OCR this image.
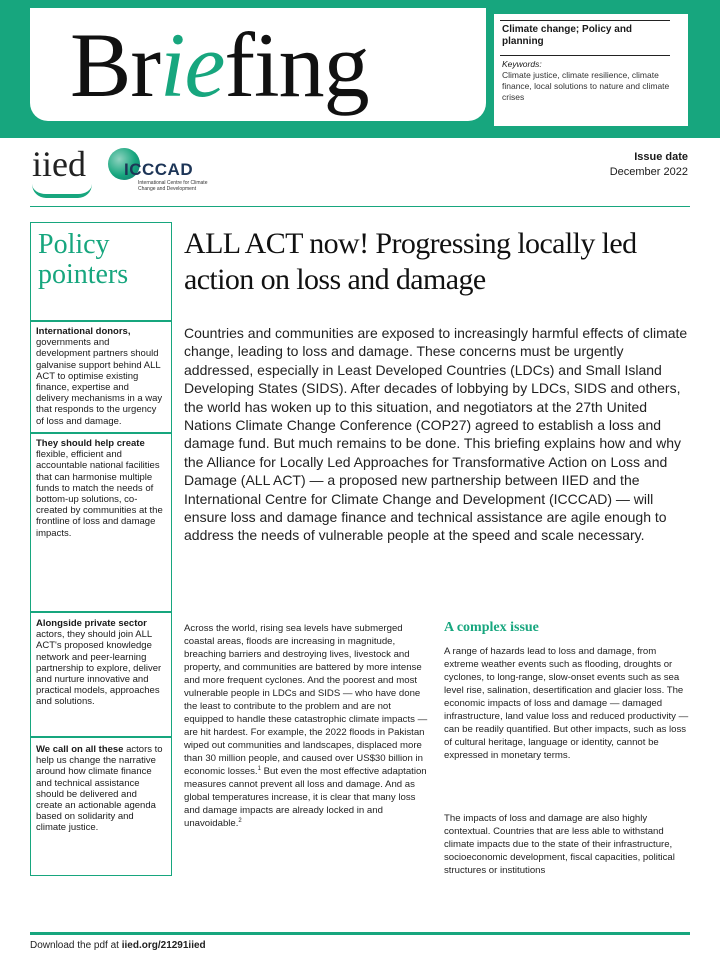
Briefing	Climate change; Policy and planning
Keywords:
Climate justice, climate resilience, climate finance, local solutions to nature and climate crises
iied ICCCAD
International Centre for Climate Change and Development
Issue date
December 2022
Policy pointers
International donors, governments and development partners should galvanise support behind ALL ACT to optimise existing finance, expertise and delivery mechanisms in a way that responds to the urgency of loss and damage.
They should help create flexible, efficient and accountable national facilities that can harmonise multiple funds to match the needs of bottom-up solutions, co-created by communities at the frontline of loss and damage impacts.
Alongside private sector actors, they should join ALL ACT's proposed knowledge network and peer-learning partnership to explore, deliver and nurture innovative and practical models, approaches and solutions.
We call on all these actors to help us change the narrative around how climate finance and technical assistance should be delivered and create an actionable agenda based on solidarity and climate justice.
ALL ACT now! Progressing locally led action on loss and damage
Countries and communities are exposed to increasingly harmful effects of climate change, leading to loss and damage. These concerns must be urgently addressed, especially in Least Developed Countries (LDCs) and Small Island Developing States (SIDS). After decades of lobbying by LDCs, SIDS and others, the world has woken up to this situation, and negotiators at the 27th United Nations Climate Change Conference (COP27) agreed to establish a loss and damage fund. But much remains to be done. This briefing explains how and why the Alliance for Locally Led Approaches for Transformative Action on Loss and Damage (ALL ACT) — a proposed new partnership between IIED and the International Centre for Climate Change and Development (ICCCAD) — will ensure loss and damage finance and technical assistance are agile enough to address the needs of vulnerable people at the speed and scale necessary.
Across the world, rising sea levels have submerged coastal areas, floods are increasing in magnitude, breaching barriers and destroying lives, livestock and property, and communities are battered by more intense and more frequent cyclones. And the poorest and most vulnerable people in LDCs and SIDS — who have done the least to contribute to the problem and are not equipped to handle these catastrophic climate impacts — are hit hardest. For example, the 2022 floods in Pakistan wiped out communities and landscapes, displaced more than 30 million people, and caused over US$30 billion in economic losses.$^1$ But even the most effective adaptation measures cannot prevent all loss and damage. And as global temperatures increase, it is clear that many loss and damage impacts are already locked in and unavoidable.$^2$
A complex issue
A range of hazards lead to loss and damage, from extreme weather events such as flooding, droughts or cyclones, to long-range, slow-onset events such as sea level rise, salination, desertification and glacier loss. The economic impacts of loss and damage — damaged infrastructure, land value loss and reduced productivity — can be readily quantified. But other impacts, such as loss of cultural heritage, language or identity, cannot be expressed in monetary terms.
The impacts of loss and damage are also highly contextual. Countries that are less able to withstand climate impacts due to the state of their infrastructure, socioeconomic development, fiscal capacities, political structures or institutions
Download the pdf at iied.org/21291iied
